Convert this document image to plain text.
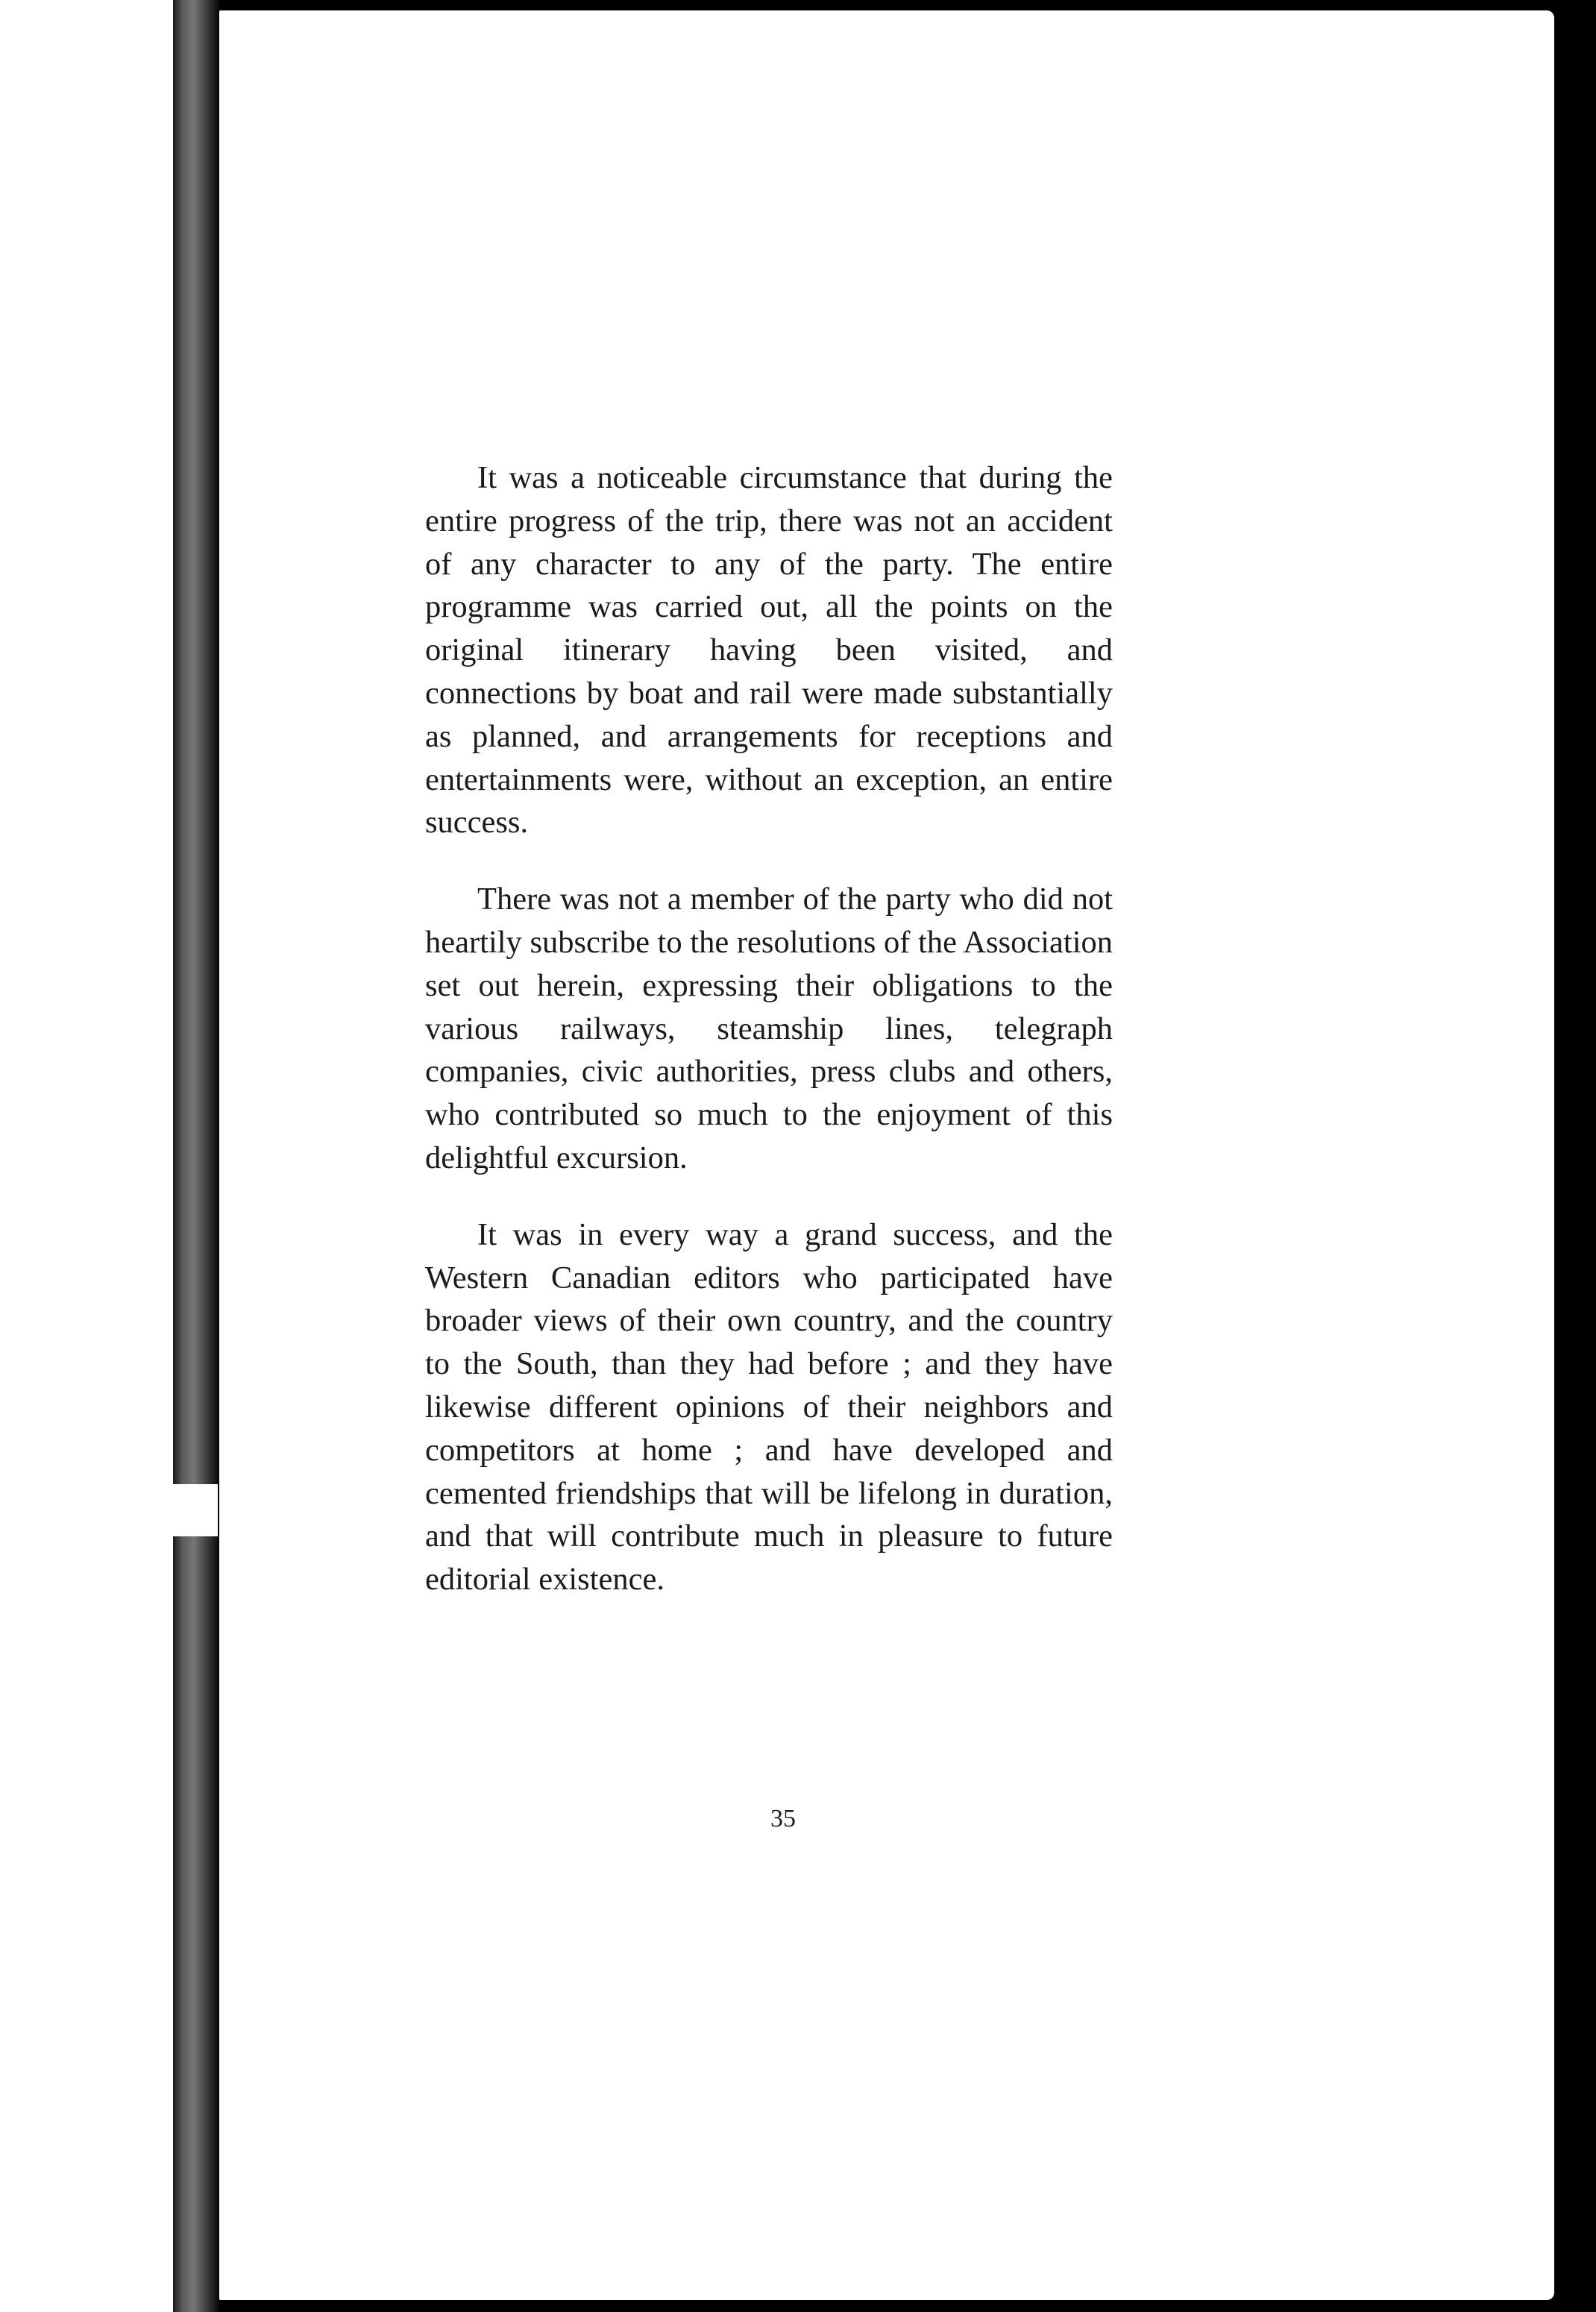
It was a noticeable circumstance that during the entire progress of the trip, there was not an accident of any character to any of the party. The entire programme was carried out, all the points on the original itinerary having been visited, and connections by boat and rail were made substantially as planned, and arrangements for receptions and entertainments were, without an exception, an entire success.

There was not a member of the party who did not heartily subscribe to the resolutions of the Association set out herein, expressing their obligations to the various railways, steamship lines, telegraph companies, civic authorities, press clubs and others, who contributed so much to the enjoyment of this delightful excursion.

It was in every way a grand success, and the Western Canadian editors who participated have broader views of their own country, and the country to the South, than they had before ; and they have likewise different opinions of their neighbors and competitors at home ; and have developed and cemented friendships that will be lifelong in duration, and that will contribute much in pleasure to future editorial existence.

35
